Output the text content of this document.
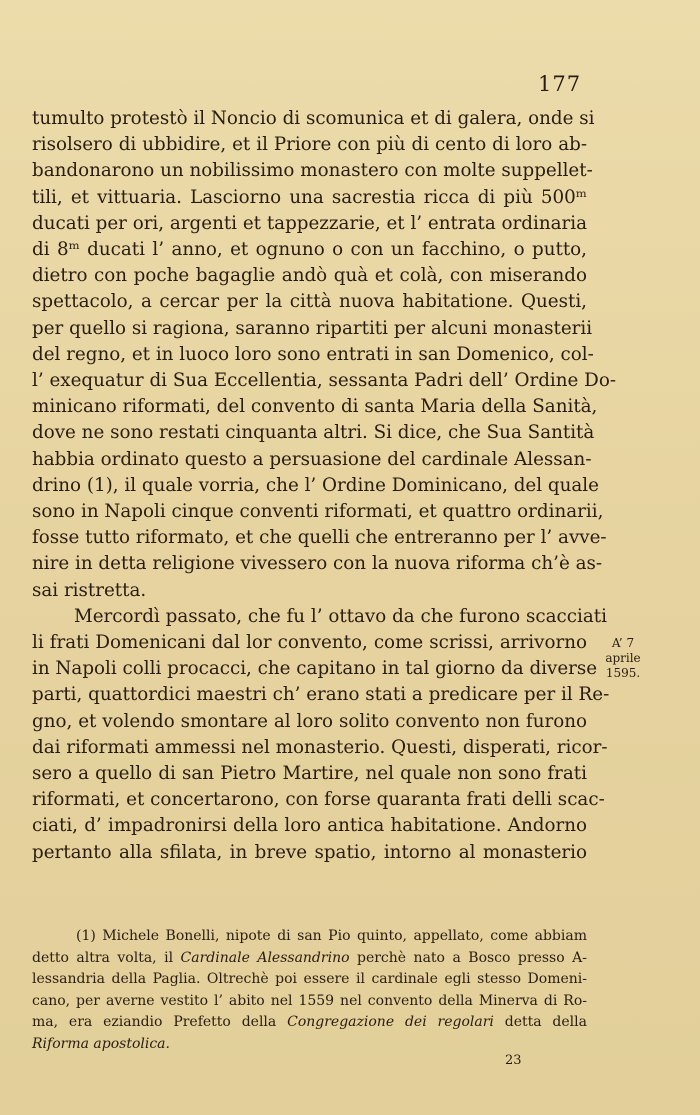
177
tumulto protestò il Noncio di scomunica et di galera, onde si
risolsero di ubbidire, et il Priore con più di cento di loro ab-
bandonarono un nobilissimo monastero con molte suppellet-
tili, et vittuaria. Lasciorno una sacrestia ricca di più 500ᵐ
ducati per ori, argenti et tappezzarie, et l’ entrata ordinaria
di 8ᵐ ducati l’ anno, et ognuno o con un facchino, o putto,
dietro con poche bagaglie andò quà et colà, con miserando
spettacolo, a cercar per la città nuova habitatione. Questi,
per quello si ragiona, saranno ripartiti per alcuni monasterii
del regno, et in luoco loro sono entrati in san Domenico, col-
l’ exequatur di Sua Eccellentia, sessanta Padri dell’ Ordine Do-
minicano riformati, del convento di santa Maria della Sanità,
dove ne sono restati cinquanta altri. Si dice, che Sua Santità
habbia ordinato questo a persuasione del cardinale Alessan-
drino (1), il quale vorria, che l’ Ordine Dominicano, del quale
sono in Napoli cinque conventi riformati, et quattro ordinarii,
fosse tutto riformato, et che quelli che entreranno per l’ avve-
nire in detta religione vivessero con la nuova riforma ch’è as-
sai ristretta.
Mercordì passato, che fu l’ ottavo da che furono scacciati
li frati Domenicani dal lor convento, come scrissi, arrivorno
in Napoli colli procacci, che capitano in tal giorno da diverse
parti, quattordici maestri ch’ erano stati a predicare per il Re-
gno, et volendo smontare al loro solito convento non furono
dai riformati ammessi nel monasterio. Questi, disperati, ricor-
sero a quello di san Pietro Martire, nel quale non sono frati
riformati, et concertarono, con forse quaranta frati delli scac-
ciati, d’ impadronirsi della loro antica habitatione. Andorno
pertanto alla sfilata, in breve spatio, intorno al monasterio
A’ 7
aprile
1595.
(1) Michele Bonelli, nipote di san Pio quinto, appellato, come abbiam
detto altra volta, il Cardinale Alessandrino perchè nato a Bosco presso A-
lessandria della Paglia. Oltrechè poi essere il cardinale egli stesso Domeni-
cano, per averne vestito l’ abito nel 1559 nel convento della Minerva di Ro-
ma, era eziandio Prefetto della Congregazione dei regolari detta della
Riforma apostolica.
23
